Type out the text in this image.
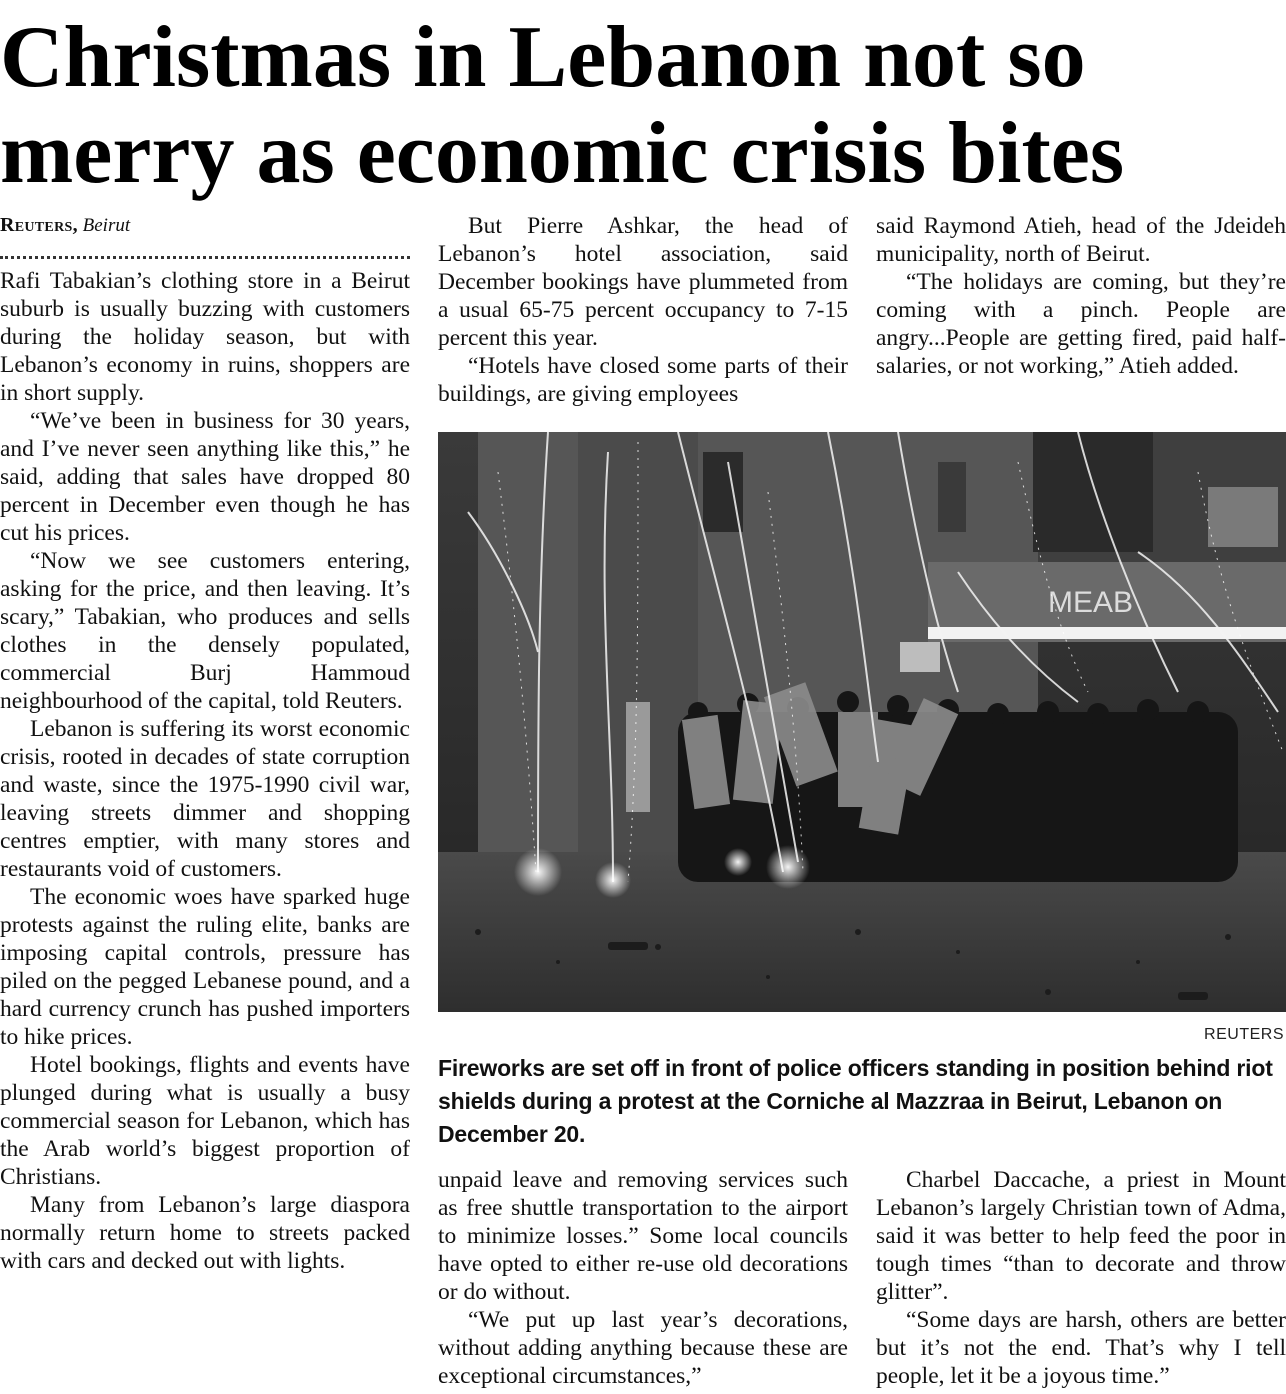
Christmas in Lebanon not so
merry as economic crisis bites
Reuters, Beirut

Rafi Tabakian’s clothing store in a Beirut suburb is usually buzzing with customers during the holiday season, but with Lebanon’s economy in ruins, shoppers are in short supply.

“We’ve been in business for 30 years, and I’ve never seen anything like this,” he said, adding that sales have dropped 80 percent in December even though he has cut his prices.

“Now we see customers entering, asking for the price, and then leaving. It’s scary,” Tabakian, who produces and sells clothes in the densely populated, commercial Burj Hammoud neighbourhood of the capital, told Reuters.

Lebanon is suffering its worst economic crisis, rooted in decades of state corruption and waste, since the 1975-1990 civil war, leaving streets dimmer and shopping centres emptier, with many stores and restaurants void of customers.

The economic woes have sparked huge protests against the ruling elite, banks are imposing capital controls, pressure has piled on the pegged Lebanese pound, and a hard currency crunch has pushed importers to hike prices.

Hotel bookings, flights and events have plunged during what is usually a busy commercial season for Lebanon, which has the Arab world’s biggest proportion of Christians.

Many from Lebanon’s large diaspora normally return home to streets packed with cars and decked out with lights.

But Pierre Ashkar, the head of Lebanon’s hotel association, said December bookings have plummeted from a usual 65-75 percent occupancy to 7-15 percent this year.

“Hotels have closed some parts of their buildings, are giving employees

said Raymond Atieh, head of the Jdeideh municipality, north of Beirut.

“The holidays are coming, but they’re coming with a pinch. People are angry...People are getting fired, paid half-salaries, or not working,” Atieh added.

MEAB
REUTERS
Fireworks are set off in front of police officers standing in position behind riot shields during a protest at the Corniche al Mazzraa in Beirut, Lebanon on December 20.

unpaid leave and removing services such as free shuttle transportation to the airport to minimize losses.” Some local councils have opted to either re-use old decorations or do without.

“We put up last year’s decorations, without adding anything because these are exceptional circumstances,”

Charbel Daccache, a priest in Mount Lebanon’s largely Christian town of Adma, said it was better to help feed the poor in tough times “than to decorate and throw glitter”.

“Some days are harsh, others are better but it’s not the end. That’s why I tell people, let it be a joyous time.”
